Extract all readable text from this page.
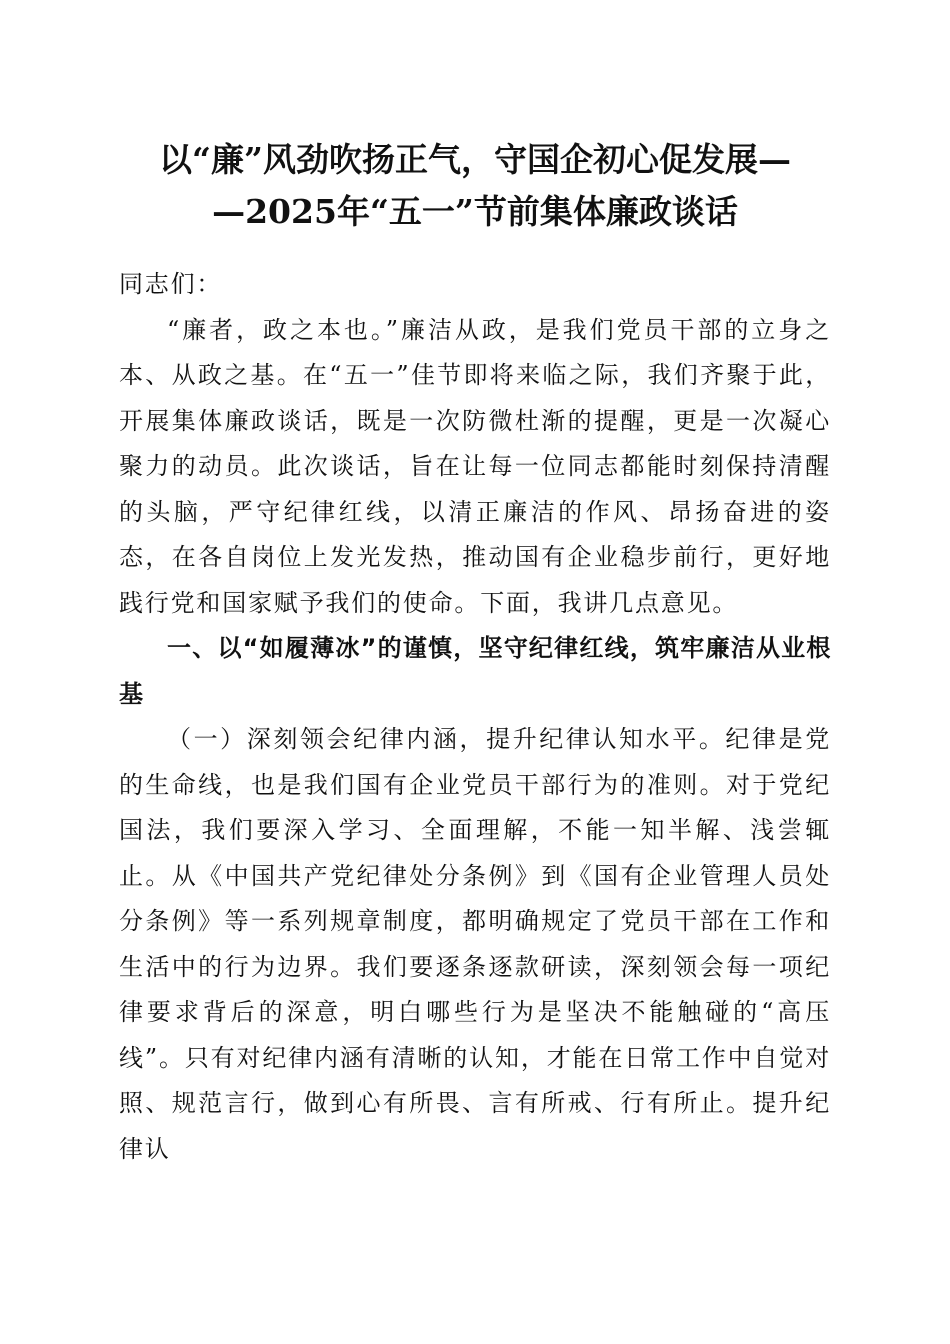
以“廉”风劲吹扬正气，守国企初心促发展—
—2025年“五一”节前集体廉政谈话

同志们：

“廉者，政之本也。”廉洁从政，是我们党员干部的立身之本、从政之基。在“五一”佳节即将来临之际，我们齐聚于此，开展集体廉政谈话，既是一次防微杜渐的提醒，更是一次凝心聚力的动员。此次谈话，旨在让每一位同志都能时刻保持清醒的头脑，严守纪律红线，以清正廉洁的作风、昂扬奋进的姿态，在各自岗位上发光发热，推动国有企业稳步前行，更好地践行党和国家赋予我们的使命。下面，我讲几点意见。

一、以“如履薄冰”的谨慎，坚守纪律红线，筑牢廉洁从业根基

（一）深刻领会纪律内涵，提升纪律认知水平。纪律是党的生命线，也是我们国有企业党员干部行为的准则。对于党纪国法，我们要深入学习、全面理解，不能一知半解、浅尝辄止。从《中国共产党纪律处分条例》到《国有企业管理人员处分条例》等一系列规章制度，都明确规定了党员干部在工作和生活中的行为边界。我们要逐条逐款研读，深刻领会每一项纪律要求背后的深意，明白哪些行为是坚决不能触碰的“高压线”。只有对纪律内涵有清晰的认知，才能在日常工作中自觉对照、规范言行，做到心有所畏、言有所戒、行有所止。提升纪律认
